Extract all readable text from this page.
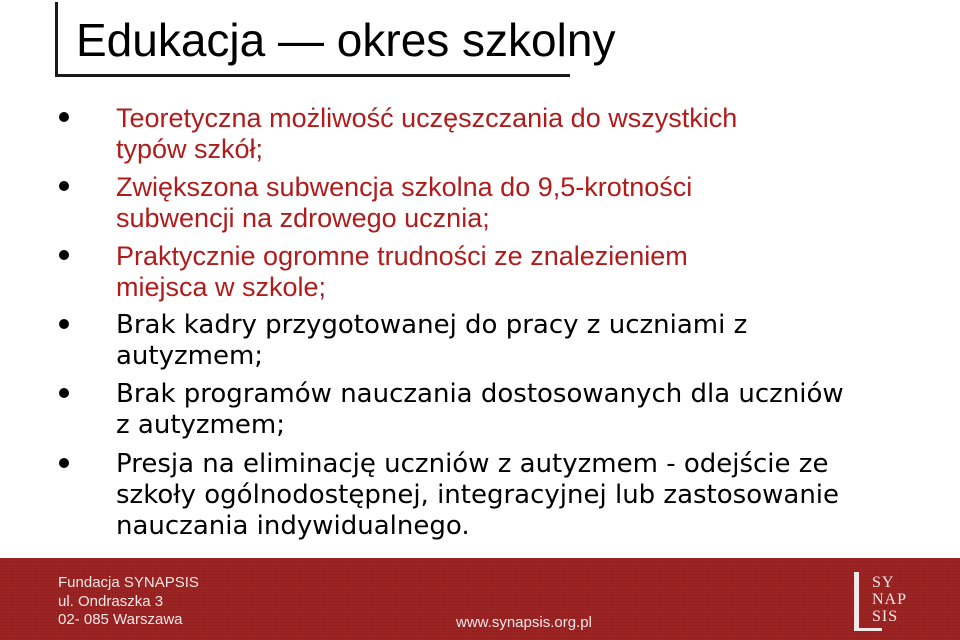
Edukacja — okres szkolny
Teoretyczna możliwość uczęszczania do wszystkich
typów szkół;
Zwiększona subwencja szkolna do 9,5-krotności
subwencji na zdrowego ucznia;
Praktycznie ogromne trudności ze znalezieniem
miejsca w szkole;
Brak kadry przygotowanej do pracy z uczniami z
autyzmem;
Brak programów nauczania dostosowanych dla uczniów
z autyzmem;
Presja na eliminację uczniów z autyzmem - odejście ze
szkoły ogólnodostępnej, integracyjnej lub zastosowanie
nauczania indywidualnego.
Fundacja SYNAPSIS
ul. Ondraszka 3
02- 085 Warszawa	www.synapsis.org.pl
SY
NAP
SIS
